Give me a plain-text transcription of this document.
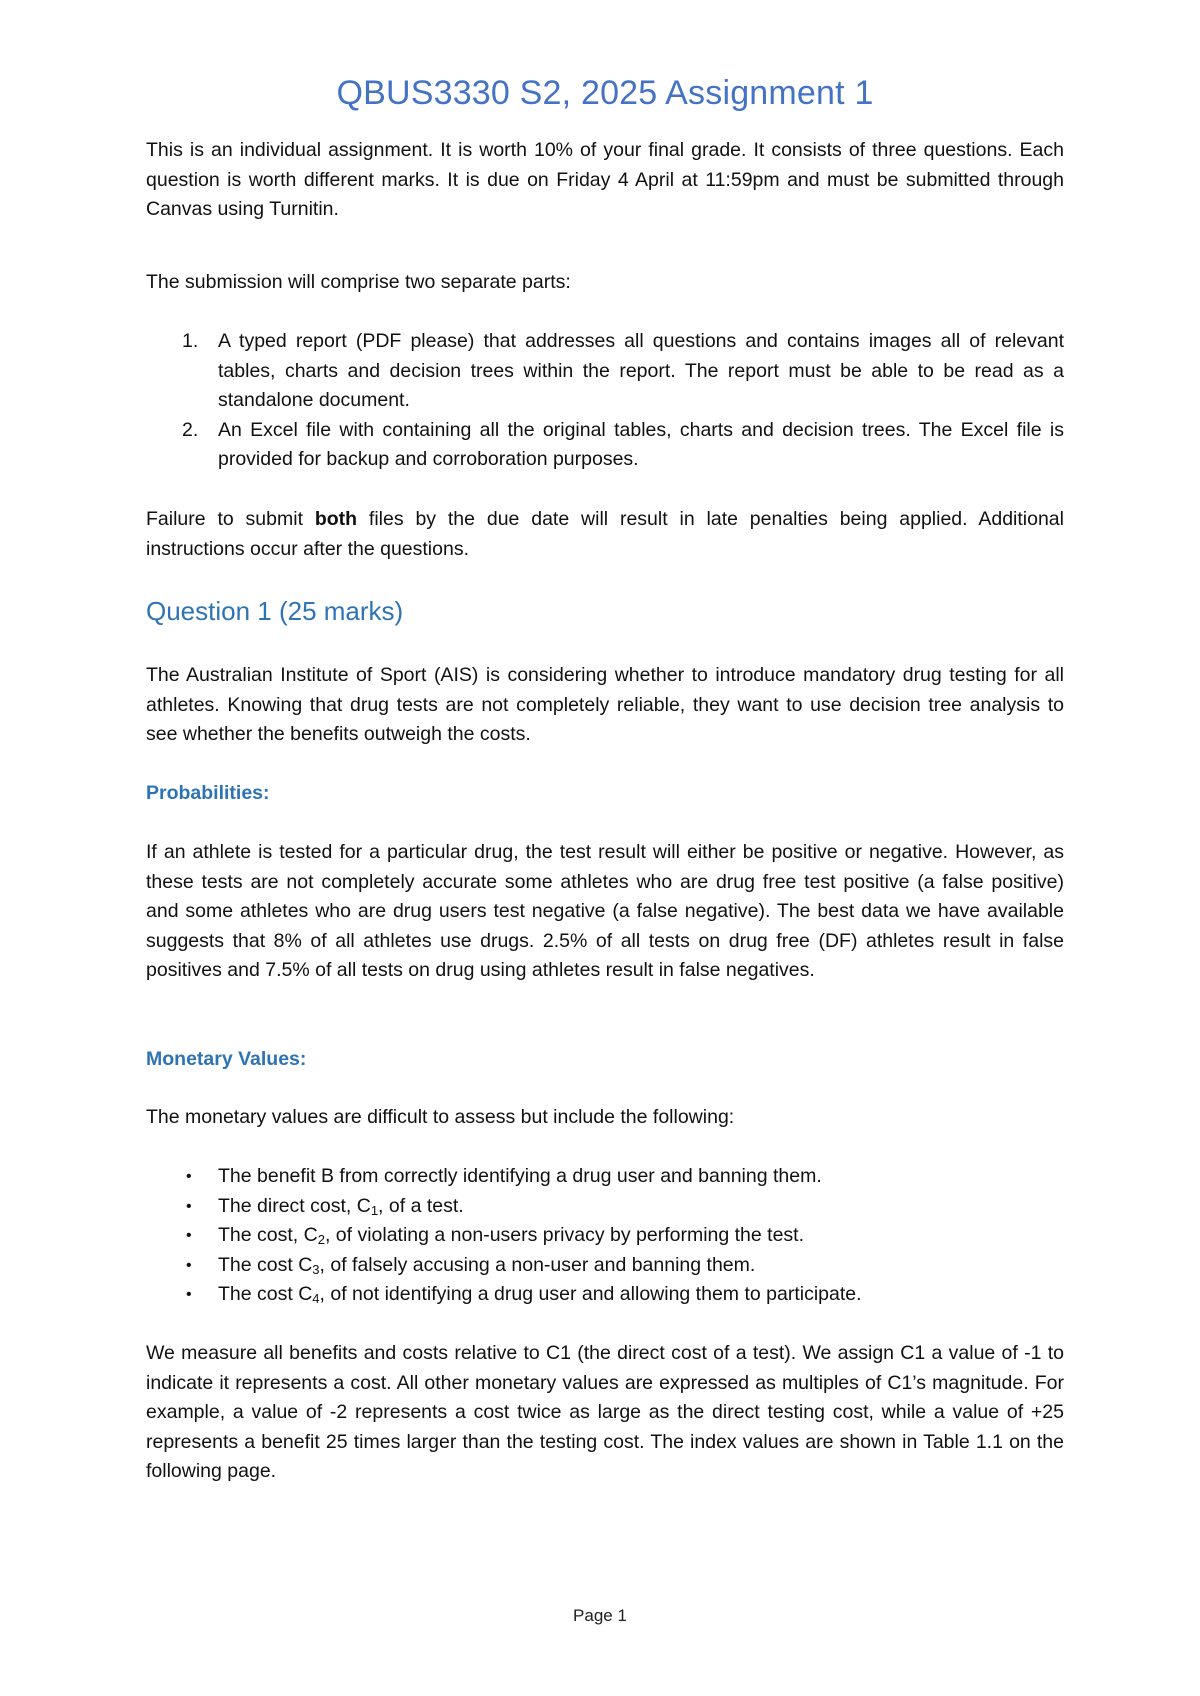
QBUS3330 S2, 2025 Assignment 1

This is an individual assignment. It is worth 10% of your final grade. It consists of three questions. Each question is worth different marks. It is due on Friday 4 April at 11:59pm and must be submitted through Canvas using Turnitin.

The submission will comprise two separate parts:

1. A typed report (PDF please) that addresses all questions and contains images all of relevant tables, charts and decision trees within the report. The report must be able to be read as a standalone document.
2. An Excel file with containing all the original tables, charts and decision trees. The Excel file is provided for backup and corroboration purposes.

Failure to submit both files by the due date will result in late penalties being applied. Additional instructions occur after the questions.

Question 1 (25 marks)

The Australian Institute of Sport (AIS) is considering whether to introduce mandatory drug testing for all athletes. Knowing that drug tests are not completely reliable, they want to use decision tree analysis to see whether the benefits outweigh the costs.

Probabilities:

If an athlete is tested for a particular drug, the test result will either be positive or negative. However, as these tests are not completely accurate some athletes who are drug free test positive (a false positive) and some athletes who are drug users test negative (a false negative). The best data we have available suggests that 8% of all athletes use drugs. 2.5% of all tests on drug free (DF) athletes result in false positives and 7.5% of all tests on drug using athletes result in false negatives.

Monetary Values:

The monetary values are difficult to assess but include the following:

• The benefit B from correctly identifying a drug user and banning them.
• The direct cost, $C_1$, of a test.
• The cost, $C_2$, of violating a non-users privacy by performing the test.
• The cost $C_3$, of falsely accusing a non-user and banning them.
• The cost $C_4$, of not identifying a drug user and allowing them to participate.

We measure all benefits and costs relative to C1 (the direct cost of a test). We assign C1 a value of -1 to indicate it represents a cost. All other monetary values are expressed as multiples of C1’s magnitude. For example, a value of -2 represents a cost twice as large as the direct testing cost, while a value of +25 represents a benefit 25 times larger than the testing cost. The index values are shown in Table 1.1 on the following page.

Page 1
